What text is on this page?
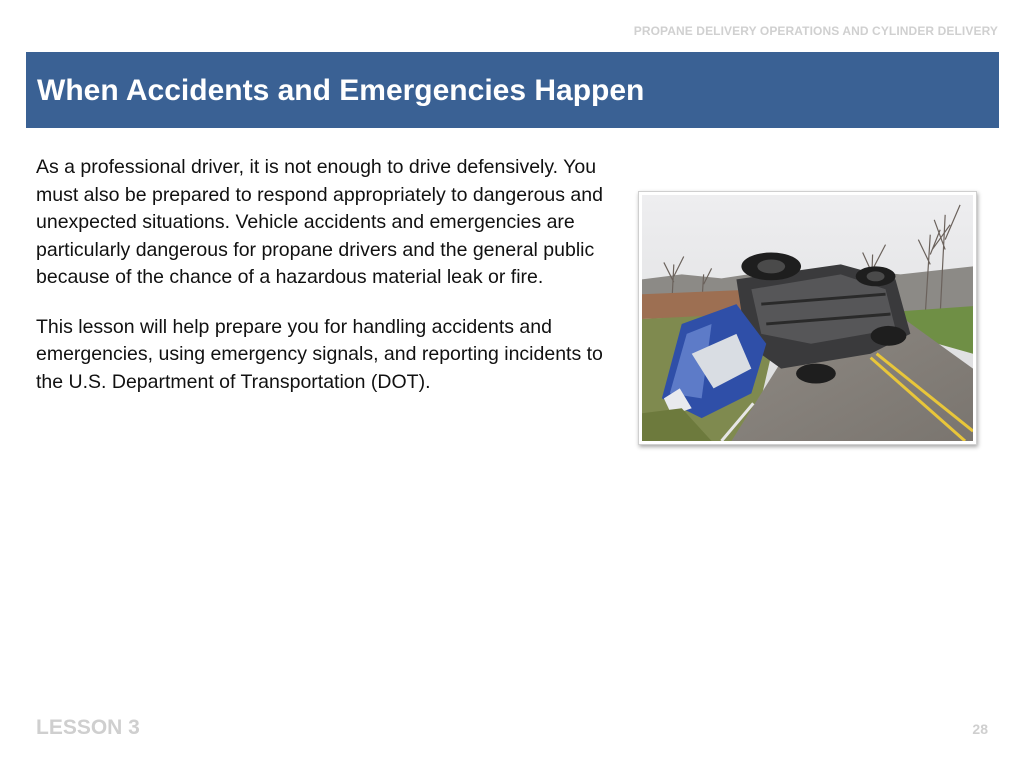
PROPANE DELIVERY OPERATIONS AND CYLINDER DELIVERY
When Accidents and Emergencies Happen

As a professional driver, it is not enough to drive defensively. You must also be prepared to respond appropriately to dangerous and unexpected situations. Vehicle accidents and emergencies are particularly dangerous for propane drivers and the general public because of the chance of a hazardous material leak or fire.

This lesson will help prepare you for handling accidents and emergencies, using emergency signals, and reporting incidents to the U.S. Department of Transportation (DOT).

LESSON 3	28
